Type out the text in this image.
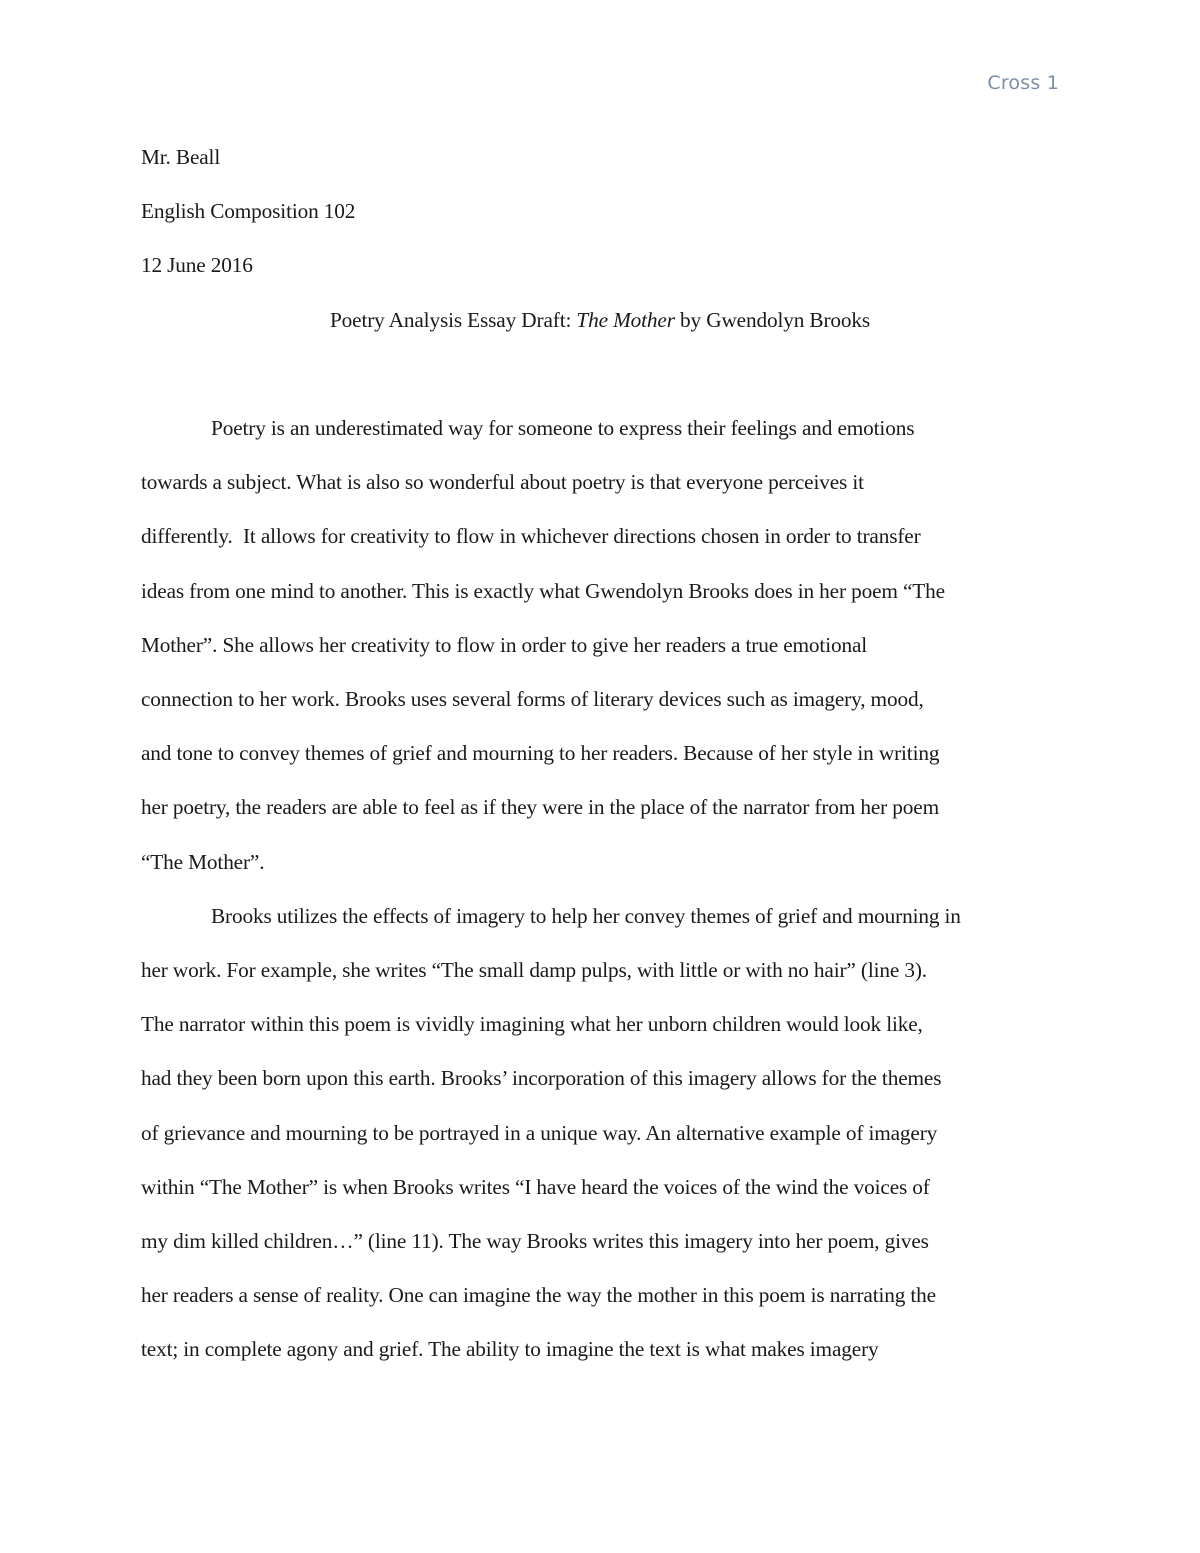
Cross 1

Mr. Beall

English Composition 102

12 June 2016

Poetry Analysis Essay Draft: The Mother by Gwendolyn Brooks

Poetry is an underestimated way for someone to express their feelings and emotions
towards a subject. What is also so wonderful about poetry is that everyone perceives it
differently.  It allows for creativity to flow in whichever directions chosen in order to transfer
ideas from one mind to another. This is exactly what Gwendolyn Brooks does in her poem “The
Mother”. She allows her creativity to flow in order to give her readers a true emotional
connection to her work. Brooks uses several forms of literary devices such as imagery, mood,
and tone to convey themes of grief and mourning to her readers. Because of her style in writing
her poetry, the readers are able to feel as if they were in the place of the narrator from her poem
“The Mother”.

Brooks utilizes the effects of imagery to help her convey themes of grief and mourning in
her work. For example, she writes “The small damp pulps, with little or with no hair” (line 3).
The narrator within this poem is vividly imagining what her unborn children would look like,
had they been born upon this earth. Brooks’ incorporation of this imagery allows for the themes
of grievance and mourning to be portrayed in a unique way. An alternative example of imagery
within “The Mother” is when Brooks writes “I have heard the voices of the wind the voices of
my dim killed children…” (line 11). The way Brooks writes this imagery into her poem, gives
her readers a sense of reality. One can imagine the way the mother in this poem is narrating the
text; in complete agony and grief. The ability to imagine the text is what makes imagery
